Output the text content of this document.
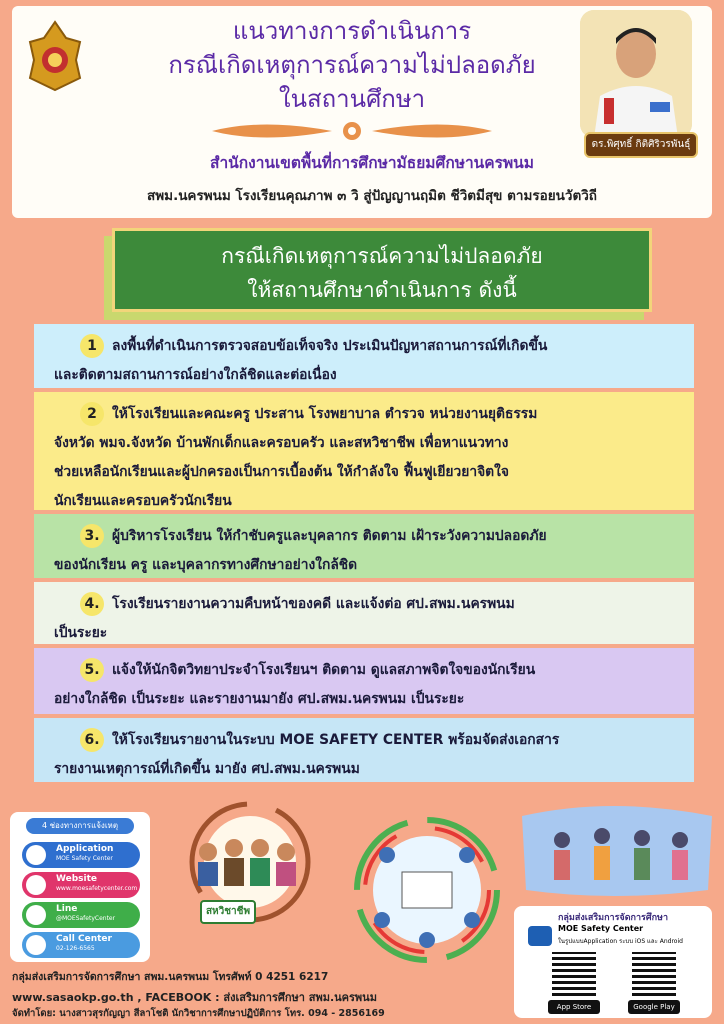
แนวทางการดำเนินการ
กรณีเกิดเหตุการณ์ความไม่ปลอดภัย
ในสถานศึกษา
สำนักงานเขตพื้นที่การศึกษามัธยมศึกษานครพนม
สพม.นครพนม โรงเรียนคุณภาพ ๓ วิ สู่ปัญญานฤมิต ชีวิตมีสุข ตามรอยนวัตวิถี
ดร.พิศุทธิ์ กิติศิริวรพันธุ์
กรณีเกิดเหตุการณ์ความไม่ปลอดภัย
ให้สถานศึกษาดำเนินการ ดังนี้
1 ลงพื้นที่ดำเนินการตรวจสอบข้อเท็จจริง ประเมินปัญหาสถานการณ์ที่เกิดขึ้น
และติดตามสถานการณ์อย่างใกล้ชิดและต่อเนื่อง
2 ให้โรงเรียนและคณะครู ประสาน โรงพยาบาล ตำรวจ หน่วยงานยุติธรรม
จังหวัด พมจ.จังหวัด บ้านพักเด็กและครอบครัว และสหวิชาชีพ เพื่อหาแนวทาง
ช่วยเหลือนักเรียนและผู้ปกครองเป็นการเบื้องต้น ให้กำลังใจ ฟื้นฟูเยียวยาจิตใจ
นักเรียนและครอบครัวนักเรียน
3. ผู้บริหารโรงเรียน ให้กำชับครูและบุคลากร ติดตาม เฝ้าระวังความปลอดภัย
ของนักเรียน ครู และบุคลากรทางศึกษาอย่างใกล้ชิด
4. โรงเรียนรายงานความคืบหน้าของคดี และแจ้งต่อ ศป.สพม.นครพนม
เป็นระยะ
5. แจ้งให้นักจิตวิทยาประจำโรงเรียนฯ ติดตาม ดูแลสภาพจิตใจของนักเรียน
อย่างใกล้ชิด เป็นระยะ และรายงานมายัง ศป.สพม.นครพนม เป็นระยะ
6. ให้โรงเรียนรายงานในระบบ MOE SAFETY CENTER พร้อมจัดส่งเอกสาร
รายงานเหตุการณ์ที่เกิดขึ้น มายัง ศป.สพม.นครพนม
4 ช่องทางการแจ้งเหตุ
Application
MOE Safety Center
Website
www.moesafetycenter.com
Line
@MOESafetyCenter
Call Center
02-126-6565
สหวิชาชีพ
กลุ่มส่งเสริมการจัดการศึกษา
MOE Safety Center
ในรูปแบบApplication ระบบ iOS และ Android
App Store	Google Play
กลุ่มส่งเสริมการจัดการศึกษา สพม.นครพนม โทรศัพท์ 0 4251 6217
www.sasaokp.go.th , FACEBOOK : ส่งเสริมการศึกษา สพม.นครพนม
จัดทำโดย: นางสาวสุรกัญญา สีลาโชติ นักวิชาการศึกษาปฏิบัติการ โทร. 094 - 2856169
